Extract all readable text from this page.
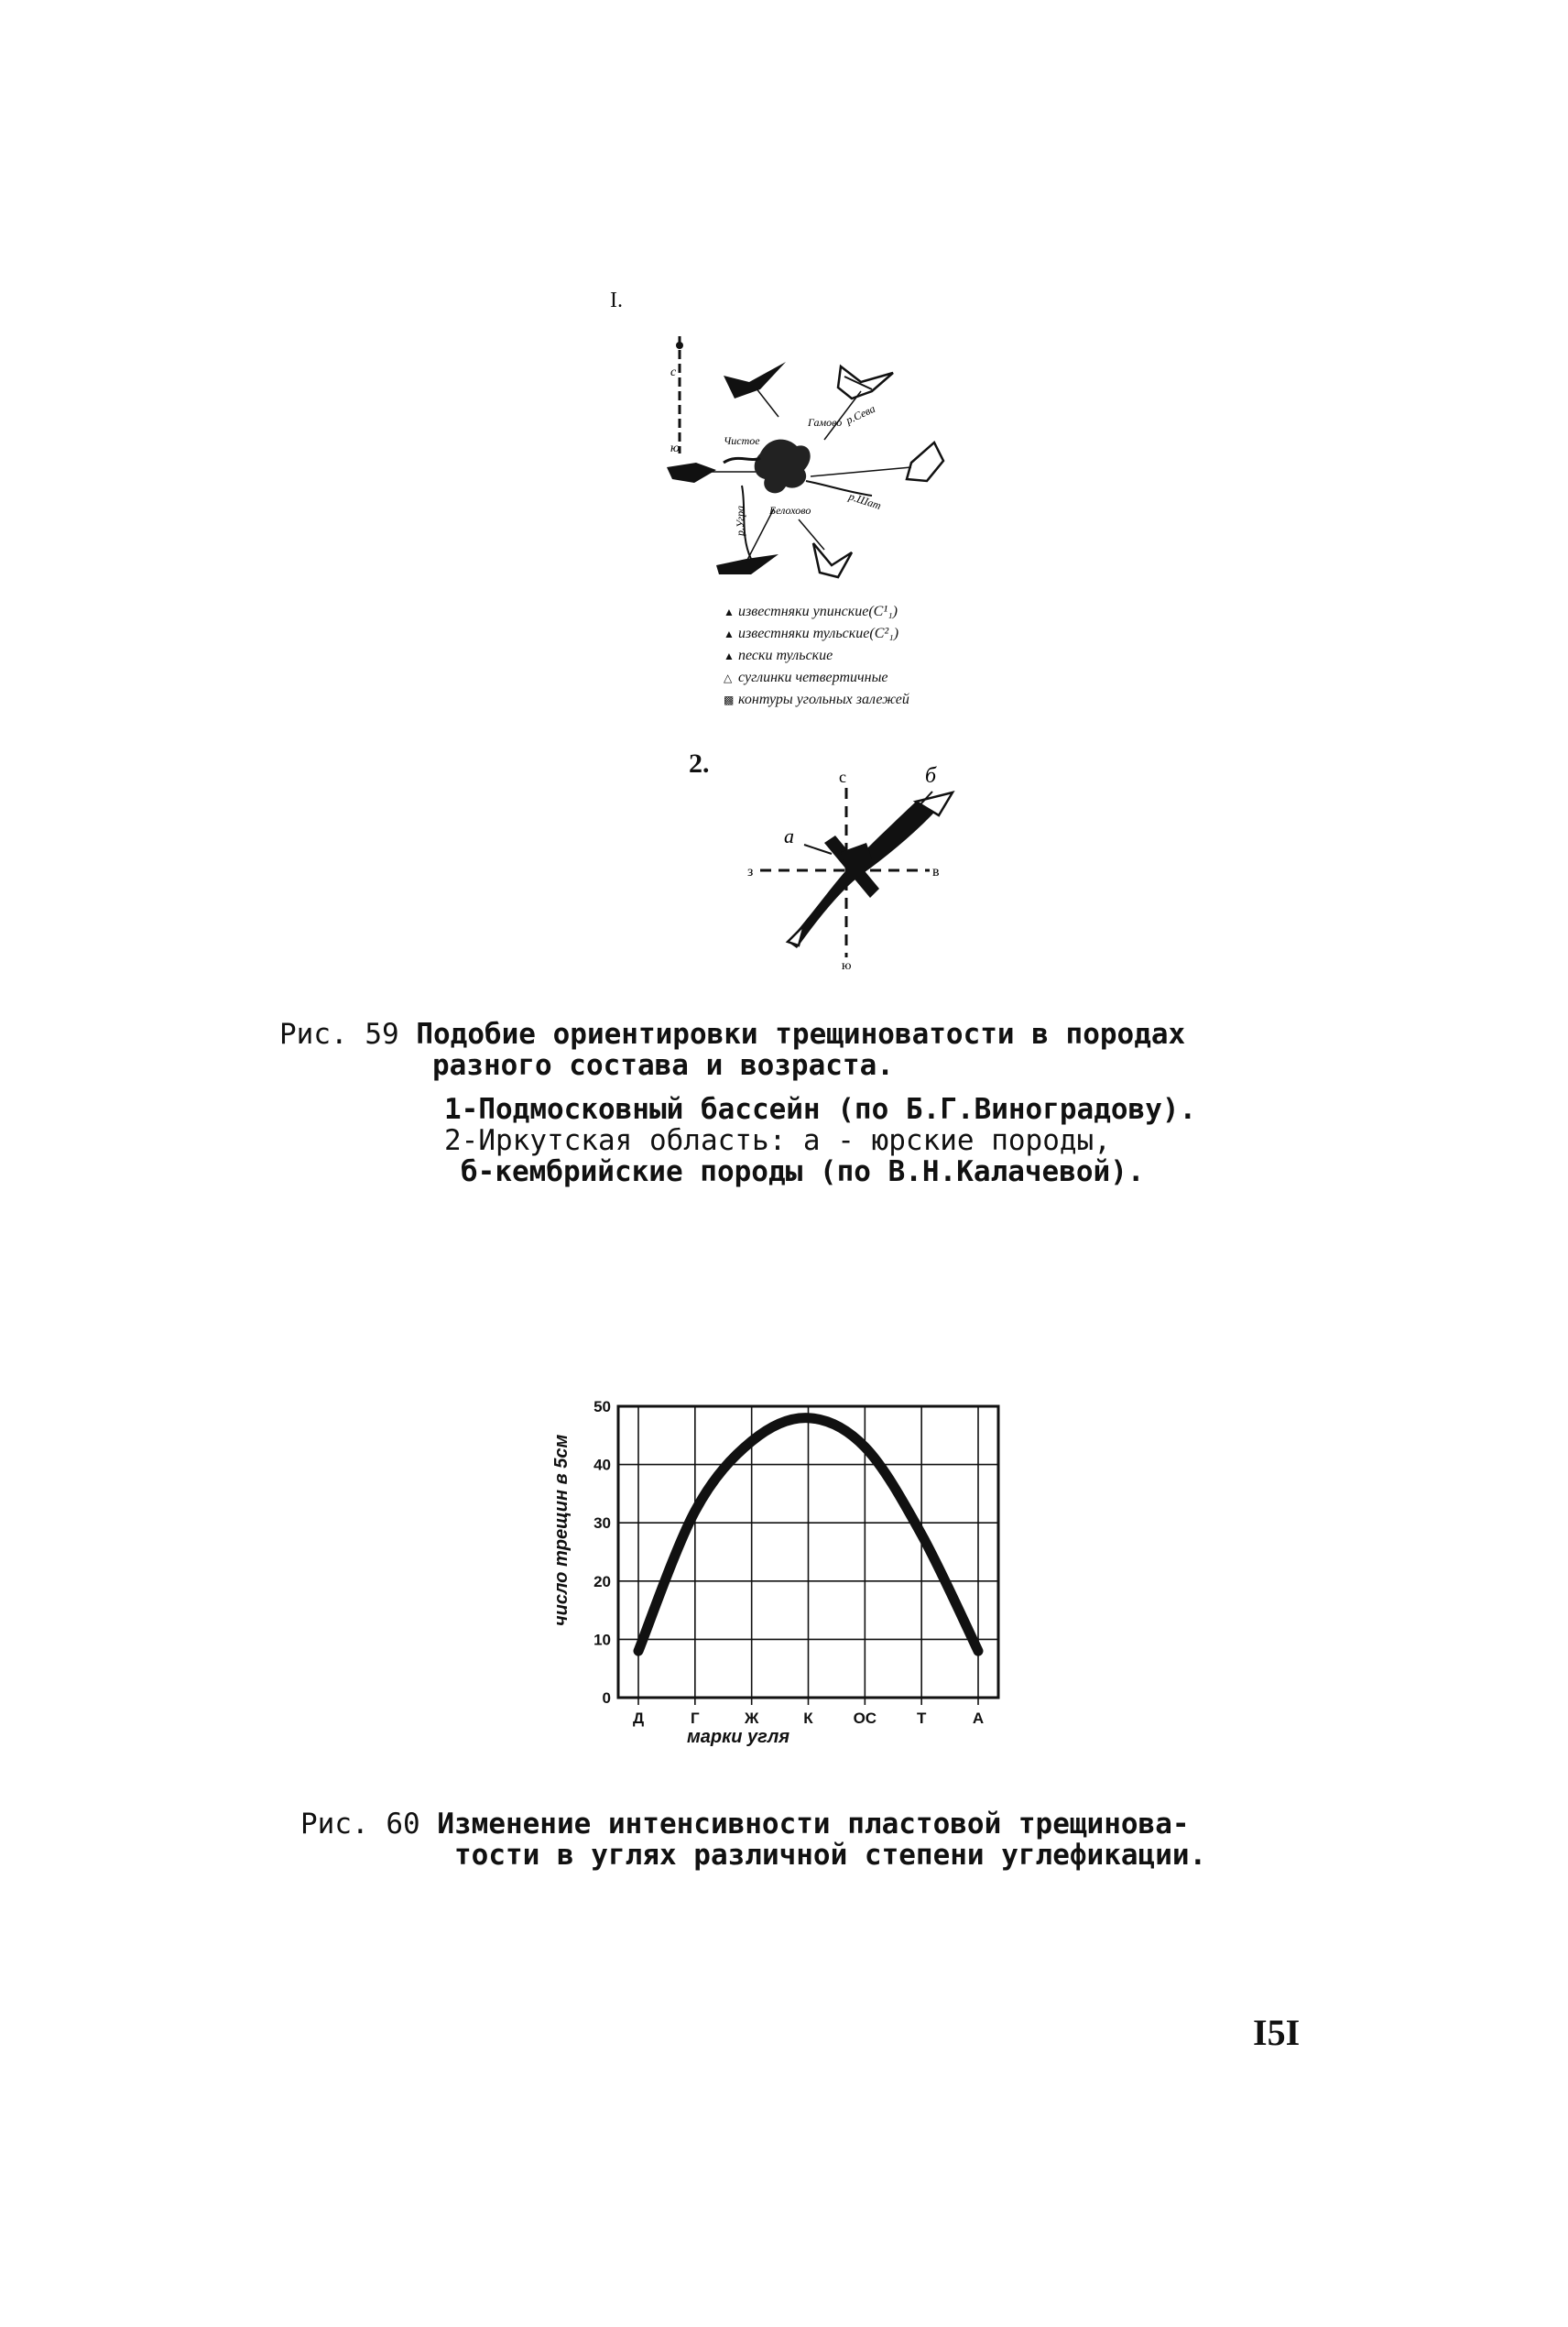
I.
с
ю
Гамово р.Сева
Чистое
р.Угра
р.Шат
Белохово
▲ известняки упинские(C¹₁)
▲ известняки тульские(C²₁)
▲ пески тульские
△ суглинки четвертичные
▩ контуры угольных залежей
2.	с
ю
з	в
а
б
Рис. 59 Подобие ориентировки трещиноватости в породах
разного состава и возраста.
1-Подмосковный бассейн (по Б.Г.Виноградову).
2-Иркутская область: а - юрские породы,
б-кембрийские породы (по В.Н.Калачевой).
0
10
20
30
40
50
Д	Г	Ж	К	ОС	Т	А
число трещин в 5см
марки угля
Рис. 60 Изменение интенсивности пластовой трещинова-
тости в углях различной степени углефикации.
I5I
